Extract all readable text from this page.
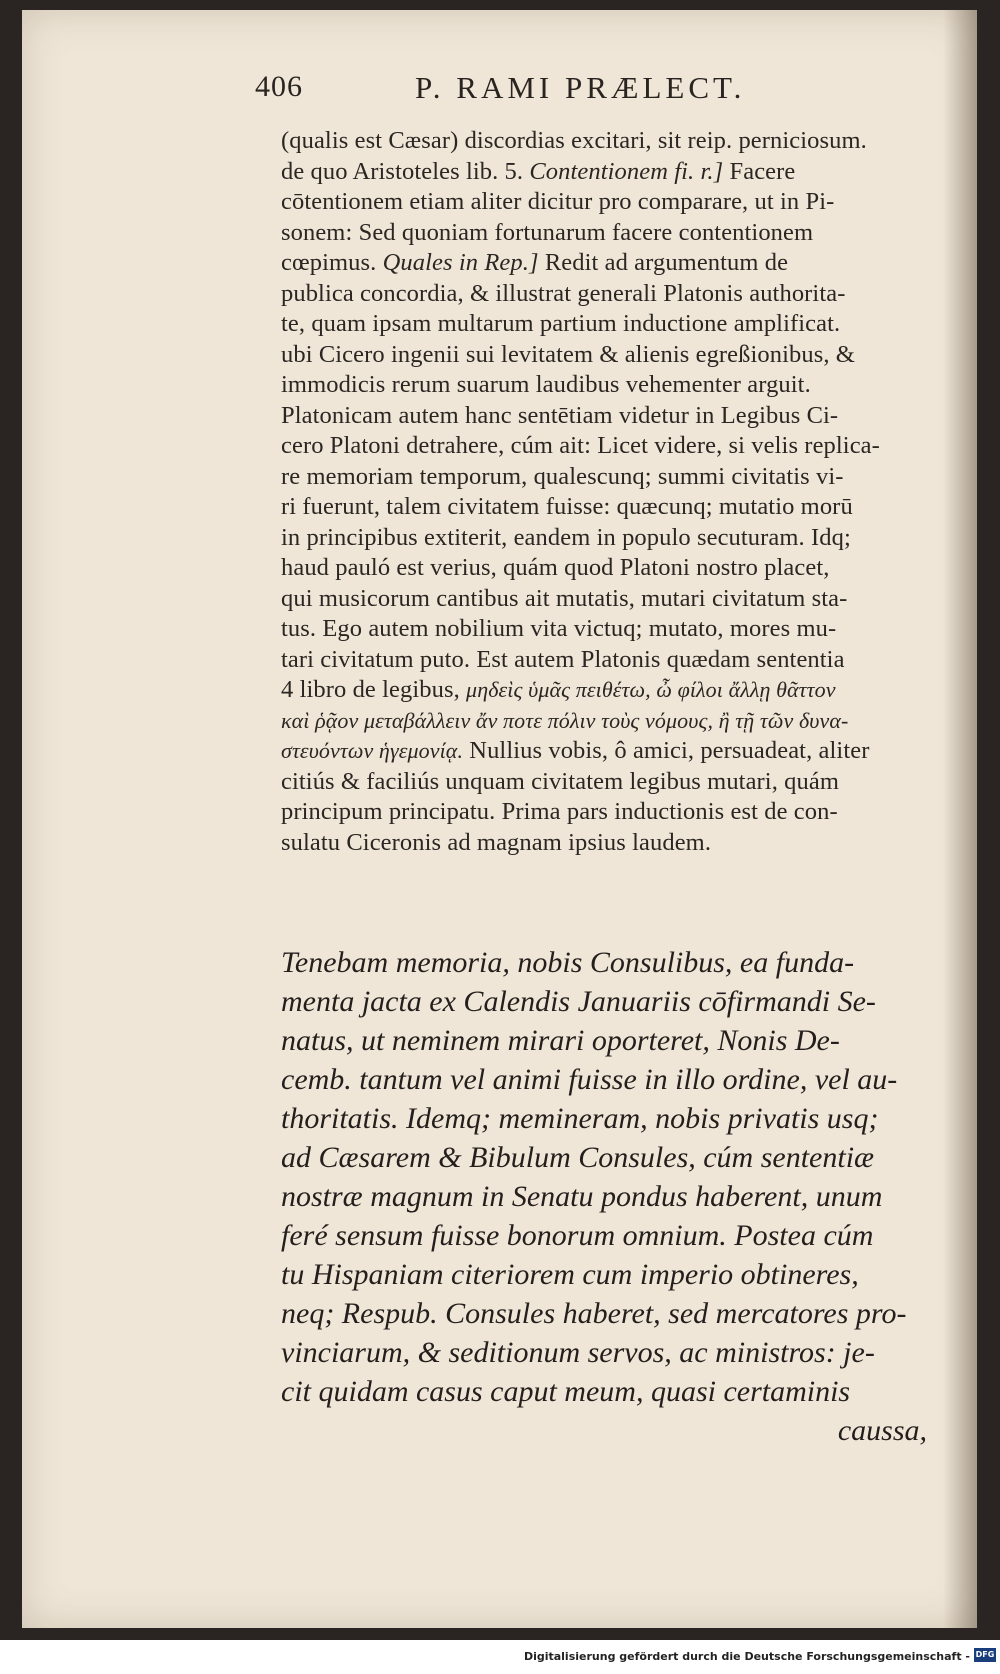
406	P. RAMI PRÆLECT.
(qualis est Cæsar) discordias excitari, sit reip. perniciosum.
de quo Aristoteles lib. 5. Contentionem fi. r.] Facere
cōtentionem etiam aliter dicitur pro comparare, ut in Pi-
sonem: Sed quoniam fortunarum facere contentionem
cœpimus. Quales in Rep.] Redit ad argumentum de
publica concordia, & illustrat generali Platonis authorita-
te, quam ipsam multarum partium inductione amplificat.
ubi Cicero ingenii sui levitatem & alienis egreßionibus, &
immodicis rerum suarum laudibus vehementer arguit.
Platonicam autem hanc sentētiam videtur in Legibus Ci-
cero Platoni detrahere, cúm ait: Licet videre, si velis replica-
re memoriam temporum, qualescunq; summi civitatis vi-
ri fuerunt, talem civitatem fuisse: quæcunq; mutatio morū
in principibus extiterit, eandem in populo secuturam. Idq;
haud pauló est verius, quám quod Platoni nostro placet,
qui musicorum cantibus ait mutatis, mutari civitatum sta-
tus. Ego autem nobilium vita victuq; mutato, mores mu-
tari civitatum puto. Est autem Platonis quædam sententia
4 libro de legibus, μηδεὶς ὑμᾶς πειθέτω, ὦ φίλοι ἄλλῃ θᾶττον
καὶ ῥᾷον μεταβάλλειν ἄν ποτε πόλιν τοὺς νόμους, ἢ τῇ τῶν δυνα-
στευόντων ἡγεμονίᾳ. Nullius vobis, ô amici, persuadeat, aliter
citiús & faciliús unquam civitatem legibus mutari, quám
principum principatu. Prima pars inductionis est de con-
sulatu Ciceronis ad magnam ipsius laudem.
Tenebam memoria, nobis Consulibus, ea funda-
menta jacta ex Calendis Januariis cōfirmandi Se-
natus, ut neminem mirari oporteret, Nonis De-
cemb. tantum vel animi fuisse in illo ordine, vel au-
thoritatis. Idemq; memineram, nobis privatis usq;
ad Cæsarem & Bibulum Consules, cúm sententiæ
nostræ magnum in Senatu pondus haberent, unum
feré sensum fuisse bonorum omnium. Postea cúm
tu Hispaniam citeriorem cum imperio obtineres,
neq; Respub. Consules haberet, sed mercatores pro-
vinciarum, & seditionum servos, ac ministros: je-
cit quidam casus caput meum, quasi certaminis
caussa,
Digitalisierung gefördert durch die Deutsche Forschungsgemeinschaft - DFG
